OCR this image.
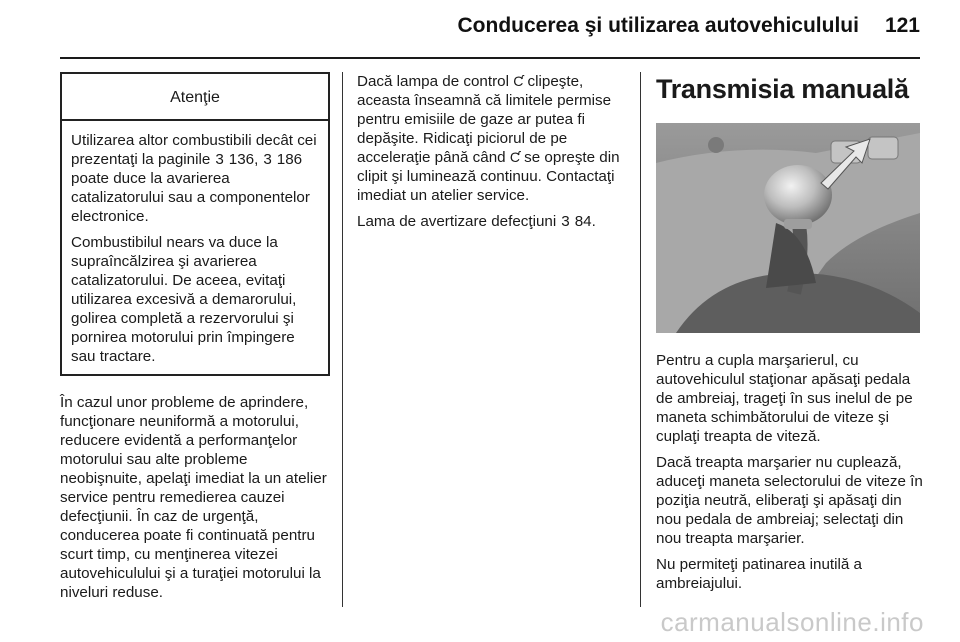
Conducerea şi utilizarea autovehiculului 121
Atenţie

Utilizarea altor combustibili decât cei prezentaţi la paginile 3 136, 3 186 poate duce la avarierea catalizatorului sau a componentelor electronice.

Combustibilul nears va duce la supraîncălzirea şi avarierea catalizatorului. De aceea, evitaţi utilizarea excesivă a demarorului, golirea completă a rezervorului şi pornirea motorului prin împingere sau tractare.

În cazul unor probleme de aprindere, funcţionare neuniformă a motorului, reducere evidentă a performanţelor motorului sau alte probleme neobişnuite, apelaţi imediat la un atelier service pentru remedierea cauzei defecţiunii. În caz de urgenţă, conducerea poate fi continuată pentru scurt timp, cu menţinerea vitezei autovehiculului şi a turaţiei motorului la niveluri reduse.

Dacă lampa de control Ƈ clipeşte, aceasta înseamnă că limitele permise pentru emisiile de gaze ar putea fi depăşite. Ridicaţi piciorul de pe acceleraţie până când Ƈ se opreşte din clipit şi luminează continuu. Contactaţi imediat un atelier service.

Lama de avertizare defecţiuni 3 84.

Transmisia manuală

Pentru a cupla marşarierul, cu autovehiculul staţionar apăsaţi pedala de ambreiaj, trageţi în sus inelul de pe maneta schimbătorului de viteze şi cuplaţi treapta de viteză.

Dacă treapta marşarier nu cuplează, aduceţi maneta selectorului de viteze în poziţia neutră, eliberaţi şi apăsaţi din nou pedala de ambreiaj; selectaţi din nou treapta marşarier.

Nu permiteţi patinarea inutilă a ambreiajului.

carmanualsonline.info
